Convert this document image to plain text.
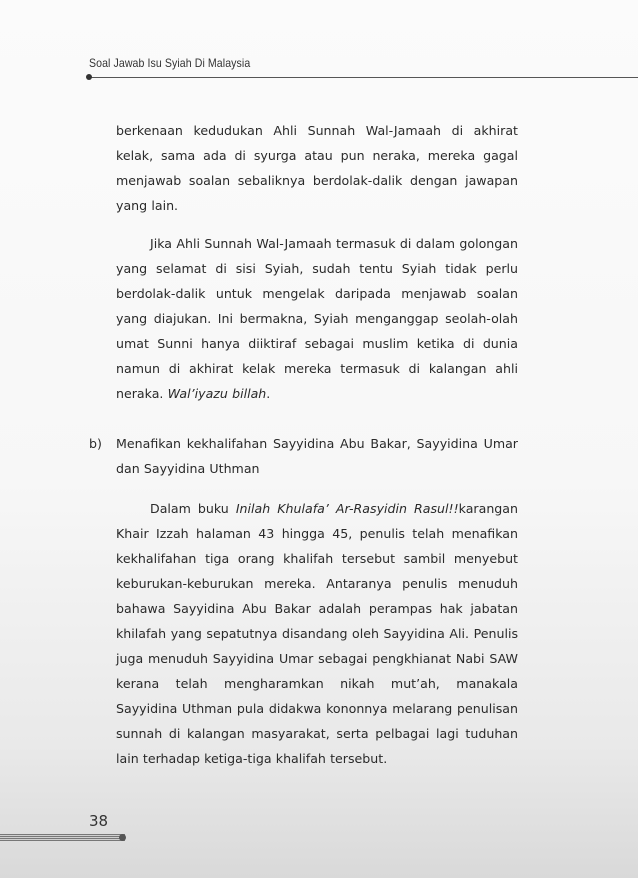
Soal Jawab Isu Syiah Di Malaysia

berkenaan kedudukan Ahli Sunnah Wal-Jamaah di akhirat kelak, sama ada di syurga atau pun neraka, mereka gagal menjawab soalan sebaliknya berdolak-dalik dengan jawapan yang lain.

Jika Ahli Sunnah Wal-Jamaah termasuk di dalam golongan yang selamat di sisi Syiah, sudah tentu Syiah tidak perlu berdolak-dalik untuk mengelak daripada menjawab soalan yang diajukan. Ini bermakna, Syiah menganggap seolah-olah umat Sunni hanya diiktiraf sebagai muslim ketika di dunia namun di akhirat kelak mereka termasuk di kalangan ahli neraka. Wal’iyazu billah.

b) Menafikan kekhalifahan Sayyidina Abu Bakar, Sayyidina Umar dan Sayyidina Uthman

Dalam buku Inilah Khulafa’ Ar-Rasyidin Rasul!!karangan Khair Izzah halaman 43 hingga 45, penulis telah menafikan kekhalifahan tiga orang khalifah tersebut sambil menyebut keburukan-keburukan mereka. Antaranya penulis menuduh bahawa Sayyidina Abu Bakar adalah perampas hak jabatan khilafah yang sepatutnya disandang oleh Sayyidina Ali. Penulis juga menuduh Sayyidina Umar sebagai pengkhianat Nabi SAW kerana telah mengharamkan nikah mut’ah, manakala Sayyidina Uthman pula didakwa kononnya melarang penulisan sunnah di kalangan masyarakat, serta pelbagai lagi tuduhan lain terhadap ketiga-tiga khalifah tersebut.

38
